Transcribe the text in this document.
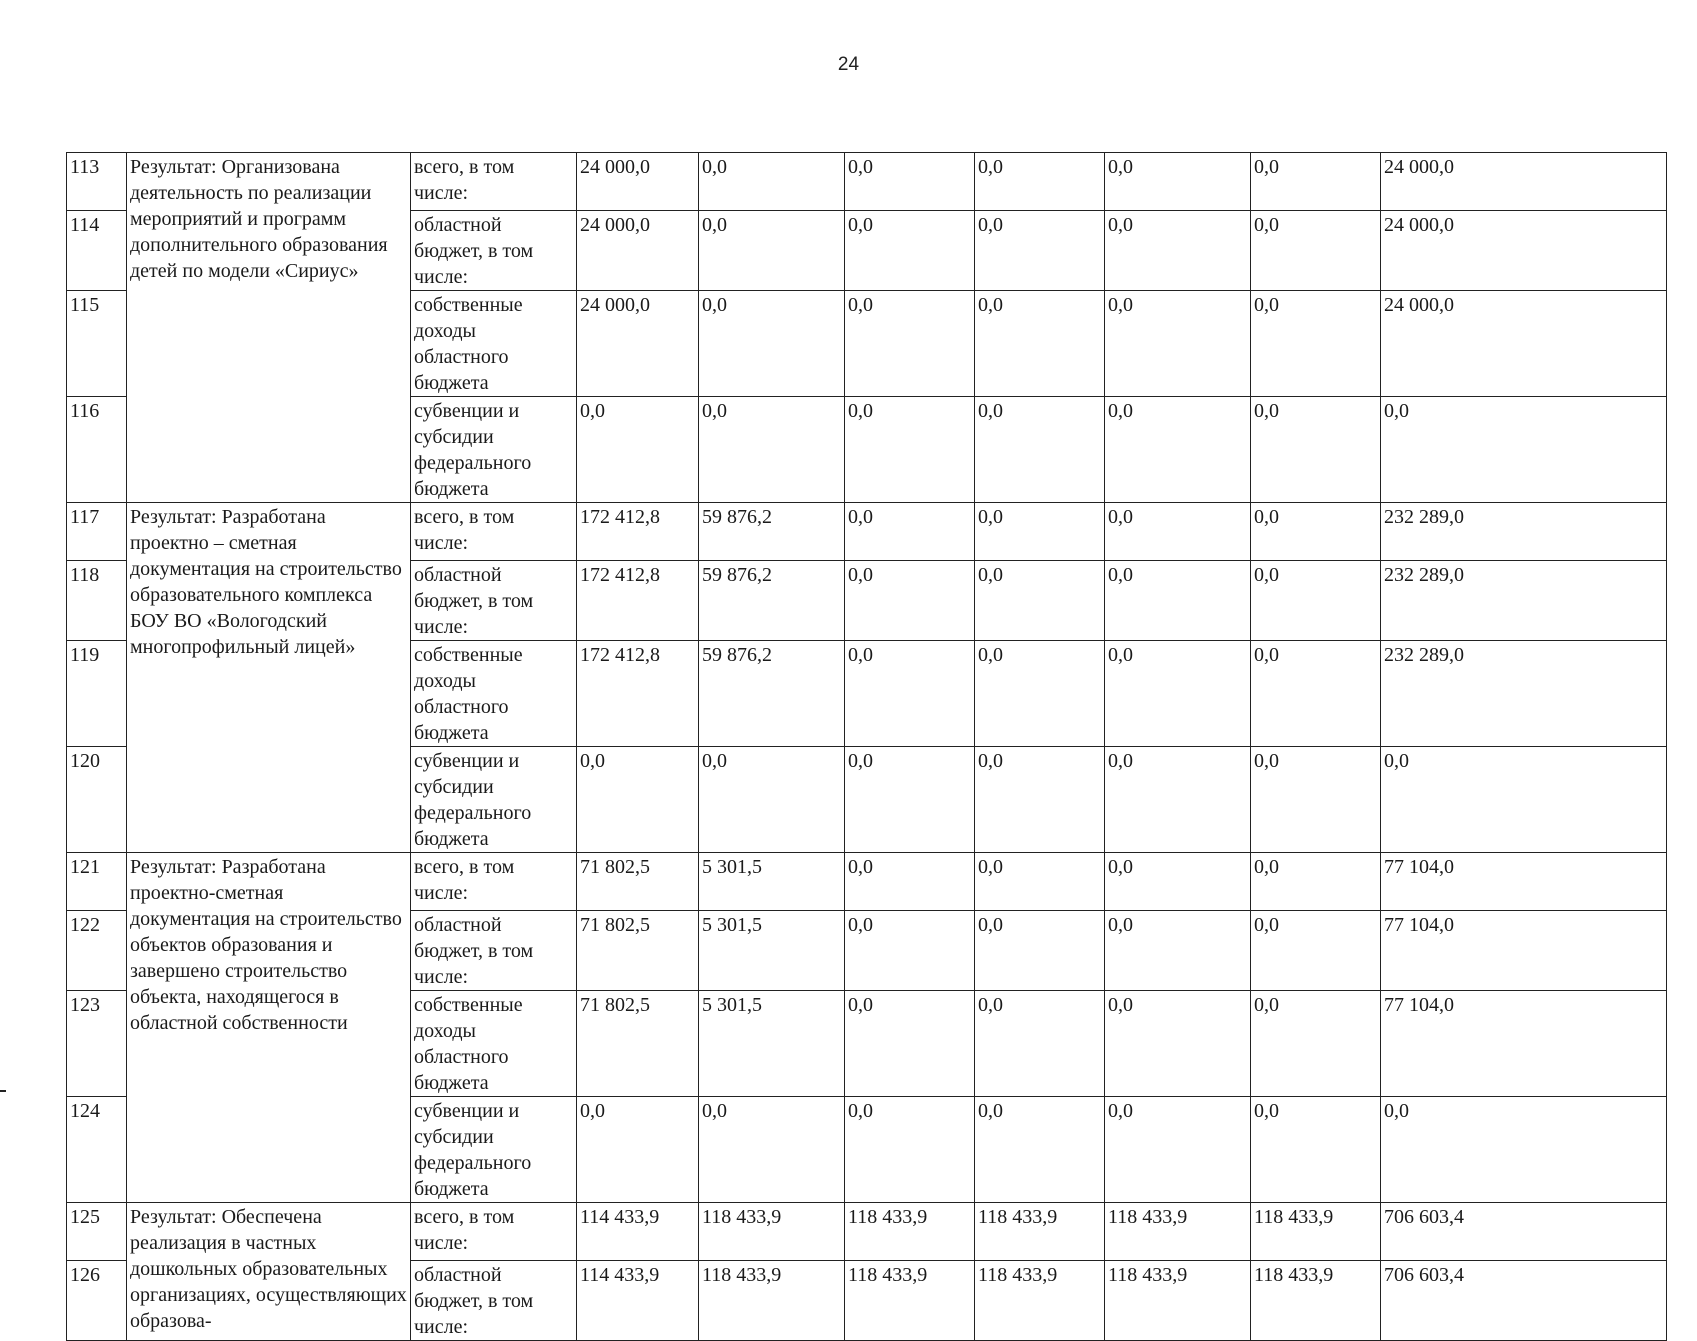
24
113	Результат: Организована деятельность по реализации мероприятий и программ дополнительного образования детей по модели «Сириус»	всего, в том числе:	24 000,0	0,0	0,0	0,0	0,0	0,0	24 000,0
114		областной бюджет, в том числе:	24 000,0	0,0	0,0	0,0	0,0	0,0	24 000,0
115		собственные доходы областного бюджета	24 000,0	0,0	0,0	0,0	0,0	0,0	24 000,0
116		субвенции и субсидии федерального бюджета	0,0	0,0	0,0	0,0	0,0	0,0	0,0
117	Результат: Разработана проектно – сметная документация на строительство образовательного комплекса БОУ ВО «Вологодский многопрофильный лицей»	всего, в том числе:	172 412,8	59 876,2	0,0	0,0	0,0	0,0	232 289,0
118		областной бюджет, в том числе:	172 412,8	59 876,2	0,0	0,0	0,0	0,0	232 289,0
119		собственные доходы областного бюджета	172 412,8	59 876,2	0,0	0,0	0,0	0,0	232 289,0
120		субвенции и субсидии федерального бюджета	0,0	0,0	0,0	0,0	0,0	0,0	0,0
121	Результат: Разработана проектно-сметная документация на строительство объектов образования и завершено строительство объекта, находящегося в областной собственности	всего, в том числе:	71 802,5	5 301,5	0,0	0,0	0,0	0,0	77 104,0
122		областной бюджет, в том числе:	71 802,5	5 301,5	0,0	0,0	0,0	0,0	77 104,0
123		собственные доходы областного бюджета	71 802,5	5 301,5	0,0	0,0	0,0	0,0	77 104,0
124		субвенции и субсидии федерального бюджета	0,0	0,0	0,0	0,0	0,0	0,0	0,0
125	Результат: Обеспечена реализация в частных дошкольных образовательных организациях, осуществляющих образова-	всего, в том числе:	114 433,9	118 433,9	118 433,9	118 433,9	118 433,9	118 433,9	706 603,4
126		областной бюджет, в том числе:	114 433,9	118 433,9	118 433,9	118 433,9	118 433,9	118 433,9	706 603,4
